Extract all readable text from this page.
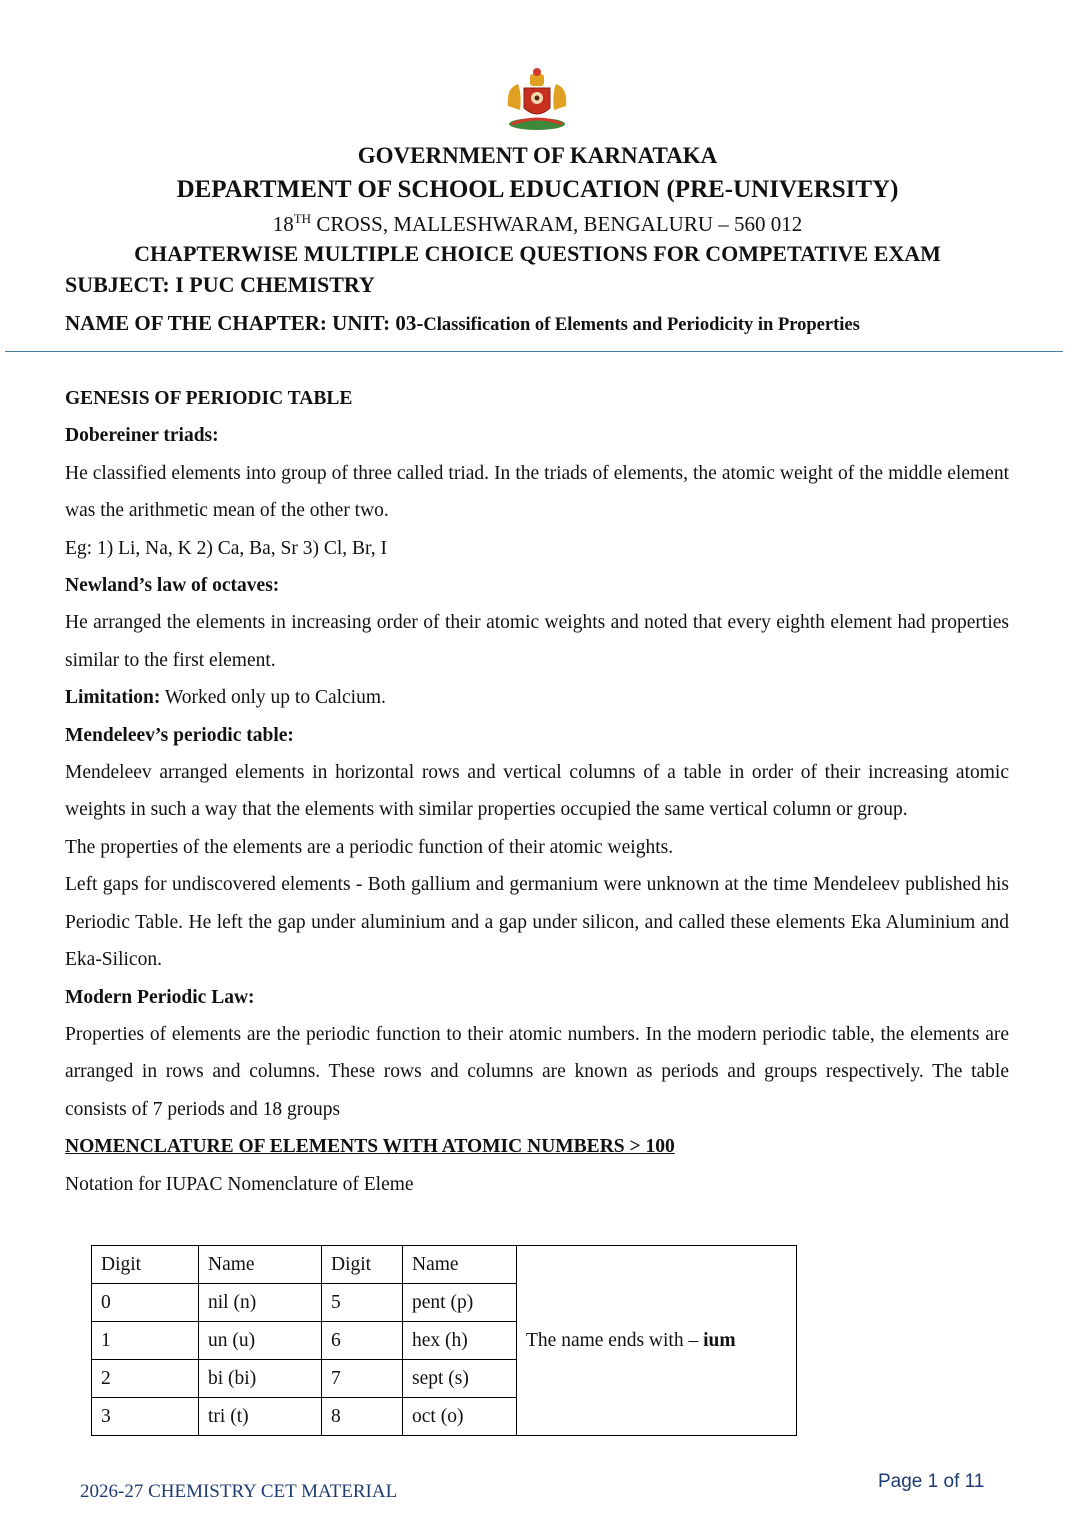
GOVERNMENT OF KARNATAKA
DEPARTMENT OF SCHOOL EDUCATION (PRE-UNIVERSITY)
18TH CROSS, MALLESHWARAM, BENGALURU – 560 012
CHAPTERWISE MULTIPLE CHOICE QUESTIONS FOR COMPETATIVE EXAM
SUBJECT: I PUC CHEMISTRY
NAME OF THE CHAPTER: UNIT: 03-Classification of Elements and Periodicity in Properties

GENESIS OF PERIODIC TABLE

Dobereiner triads:

He classified elements into group of three called triad. In the triads of elements, the atomic weight of the middle element was the arithmetic mean of the other two.

Eg: 1) Li, Na, K 2) Ca, Ba, Sr 3) Cl, Br, I

Newland’s law of octaves:

He arranged the elements in increasing order of their atomic weights and noted that every eighth element had properties similar to the first element.

Limitation: Worked only up to Calcium.

Mendeleev’s periodic table:

Mendeleev arranged elements in horizontal rows and vertical columns of a table in order of their increasing atomic weights in such a way that the elements with similar properties occupied the same vertical column or group.

The properties of the elements are a periodic function of their atomic weights.

Left gaps for undiscovered elements - Both gallium and germanium were unknown at the time Mendeleev published his Periodic Table. He left the gap under aluminium and a gap under silicon, and called these elements Eka Aluminium and Eka-Silicon.

Modern Periodic Law:

Properties of elements are the periodic function to their atomic numbers. In the modern periodic table, the elements are arranged in rows and columns. These rows and columns are known as periods and groups respectively. The table consists of 7 periods and 18 groups

NOMENCLATURE OF ELEMENTS WITH ATOMIC NUMBERS > 100

Notation for IUPAC Nomenclature of Eleme

Digit	Name	Digit	Name	The name ends with – ium
0	nil (n)	5	pent (p)	
1	un (u)	6	hex (h)	
2	bi (bi)	7	sept (s)	
3	tri (t)	8	oct (o)	
2026-27 CHEMISTRY CET MATERIAL	Page 1 of 11
